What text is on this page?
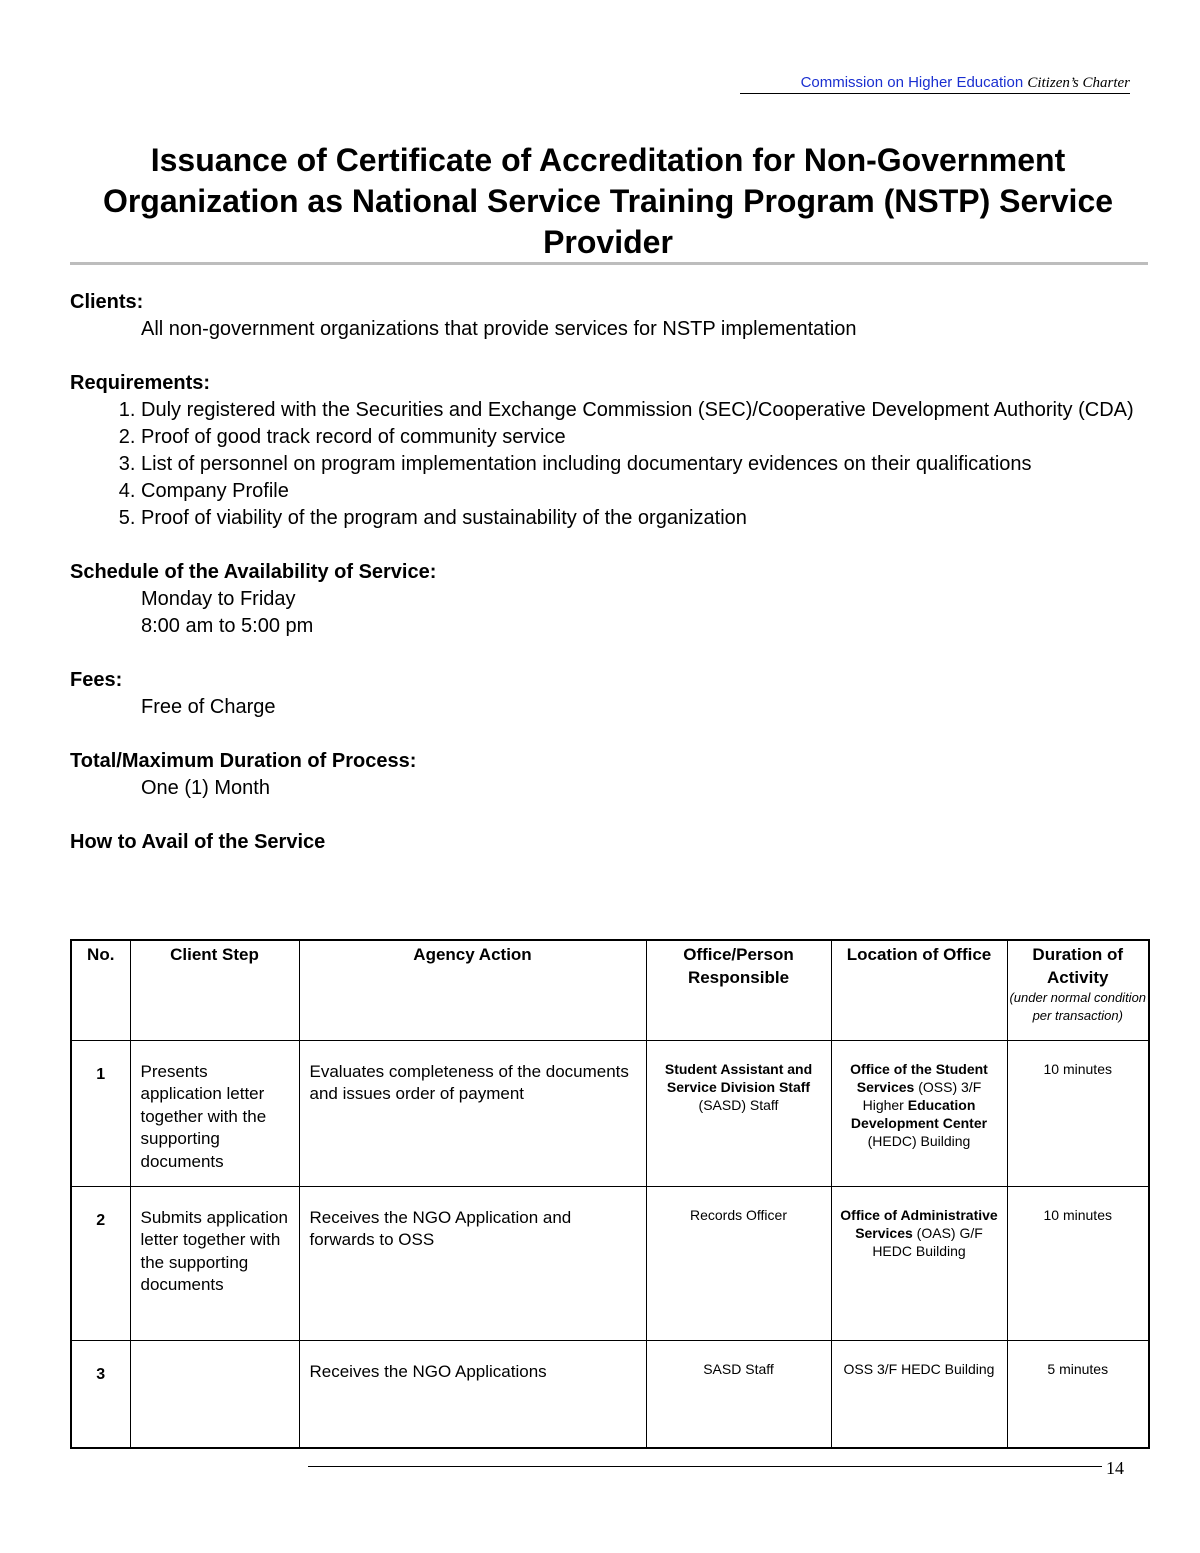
Commission on Higher Education Citizen’s Charter
Issuance of Certificate of Accreditation for Non-Government Organization as National Service Training Program (NSTP) Service Provider
Clients:
All non-government organizations that provide services for NSTP implementation
Requirements:
1. Duly registered with the Securities and Exchange Commission (SEC)/Cooperative Development Authority (CDA)
2. Proof of good track record of community service
3. List of personnel on program implementation including documentary evidences on their qualifications
4. Company Profile
5. Proof of viability of the program and sustainability of the organization
Schedule of the Availability of Service:
Monday to Friday
8:00 am to 5:00 pm
Fees:
Free of Charge
Total/Maximum Duration of Process:
One (1) Month
How to Avail of the Service
No.	Client Step	Agency Action	Office/Person Responsible	Location of Office	Duration of Activity
(under normal condition per transaction)

1	Presents application letter together with the supporting documents	Evaluates completeness of the documents and issues order of payment	Student Assistant and Service Division Staff (SASD) Staff	Office of the Student Services (OSS) 3/F Higher Education Development Center (HEDC) Building	10 minutes
2	Submits application letter together with the supporting documents	Receives the NGO Application and forwards to OSS	Records Officer	Office of Administrative Services (OAS) G/F HEDC Building	10 minutes
3		Receives the NGO Applications	SASD Staff	OSS 3/F HEDC Building	5 minutes
14
